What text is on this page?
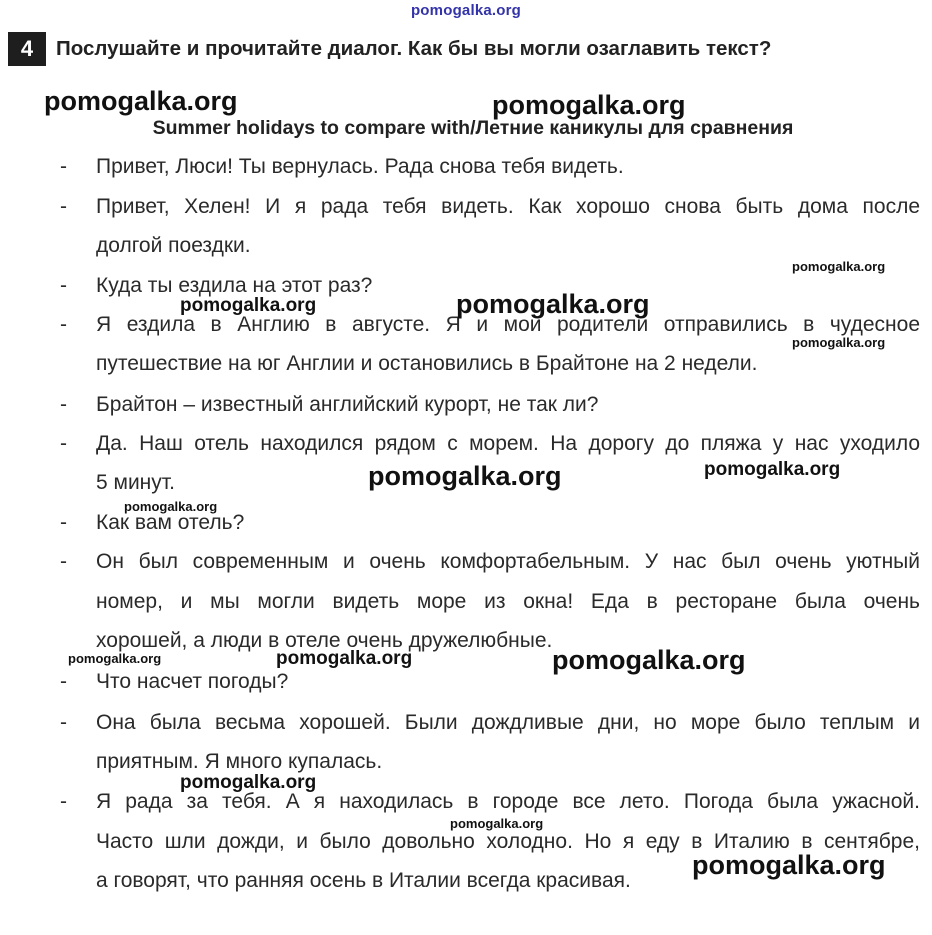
pomogalka.org
4	Послушайте и прочитайте диалог. Как бы вы могли озаглавить текст?
Summer holidays to compare with/Летние каникулы для сравнения
- Привет, Люси! Ты вернулась. Рада снова тебя видеть.
- Привет, Хелен! И я рада тебя видеть. Как хорошо снова быть дома после
долгой поездки.
- Куда ты ездила на этот раз?
- Я ездила в Англию в августе. Я и мои родители отправились в чудесное
путешествие на юг Англии и остановились в Брайтоне на 2 недели.
- Брайтон – известный английский курорт, не так ли?
- Да. Наш отель находился рядом с морем. На дорогу до пляжа у нас уходило
5 минут.
- Как вам отель?
- Он был современным и очень комфортабельным. У нас был очень уютный
номер, и мы могли видеть море из окна! Еда в ресторане была очень
хорошей, а люди в отеле очень дружелюбные.
- Что насчет погоды?
- Она была весьма хорошей. Были дождливые дни, но море было теплым и
приятным. Я много купалась.
- Я рада за тебя. А я находилась в городе все лето. Погода была ужасной.
Часто шли дожди, и было довольно холодно. Но я еду в Италию в сентябре,
а говорят, что ранняя осень в Италии всегда красивая.
pomogalka.org	pomogalka.org
pomogalka.org
pomogalka.org	pomogalka.org
pomogalka.org
pomogalka.org	pomogalka.org
pomogalka.org
pomogalka.org	pomogalka.org	pomogalka.org
pomogalka.org
pomogalka.org
pomogalka.org
